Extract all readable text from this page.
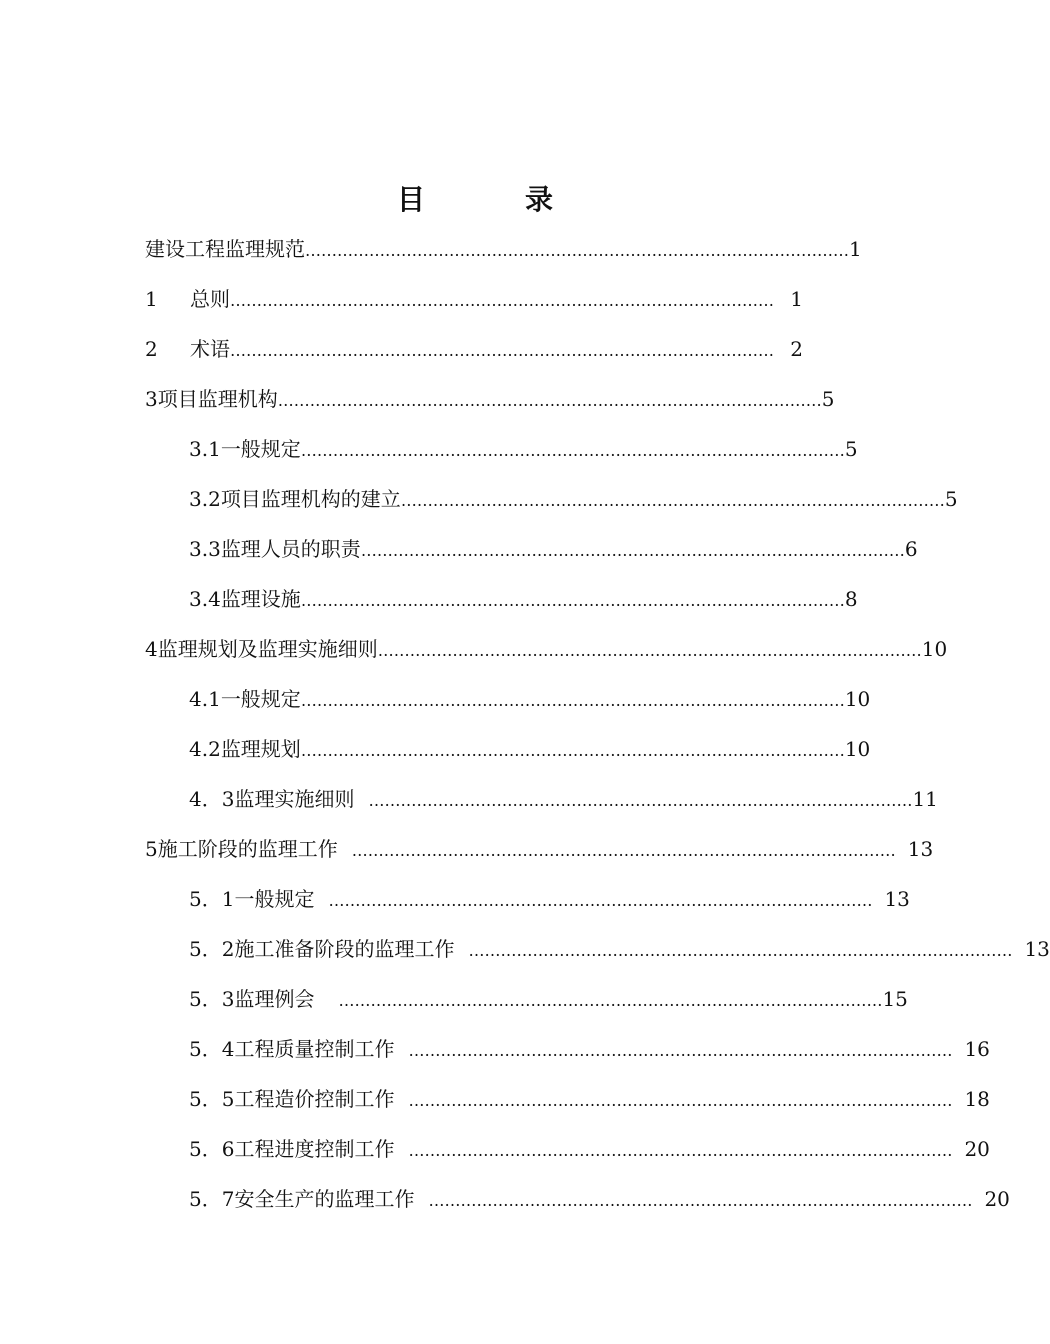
目　录
建设工程监理规范 ………………………………………………………………………………………… 1
1	总则 ………………………………………………………………………………………… 1
2	术语 ………………………………………………………………………………………… 2
3 项目监理机构 ………………………………………………………………………………………… 5
3.1 一般规定 ………………………………………………………………………………………… 5
3.2 项目监理机构的建立 ………………………………………………………………………………………… 5
3.3 监理人员的职责 ………………………………………………………………………………………… 6
3.4 监理设施 ………………………………………………………………………………………… 8
4 监理规划及监理实施细则 ………………………………………………………………………………………… 10
4.1 一般规定 ………………………………………………………………………………………… 10
4.2 监理规划 ………………………………………………………………………………………… 10
4．3 监理实施细则 ………………………………………………………………………………………… 11
5 施工阶段的监理工作 ………………………………………………………………………………………… 13
5．1 一般规定 ………………………………………………………………………………………… 13
5．2 施工准备阶段的监理工作 ………………………………………………………………………………………… 13
5．3 监理例会	………………………………………………………………………………………… 15
5．4 工程质量控制工作 ………………………………………………………………………………………… 16
5．5 工程造价控制工作 ………………………………………………………………………………………… 18
5．6 工程进度控制工作 ………………………………………………………………………………………… 20
5．7 安全生产的监理工作 ………………………………………………………………………………………… 20
